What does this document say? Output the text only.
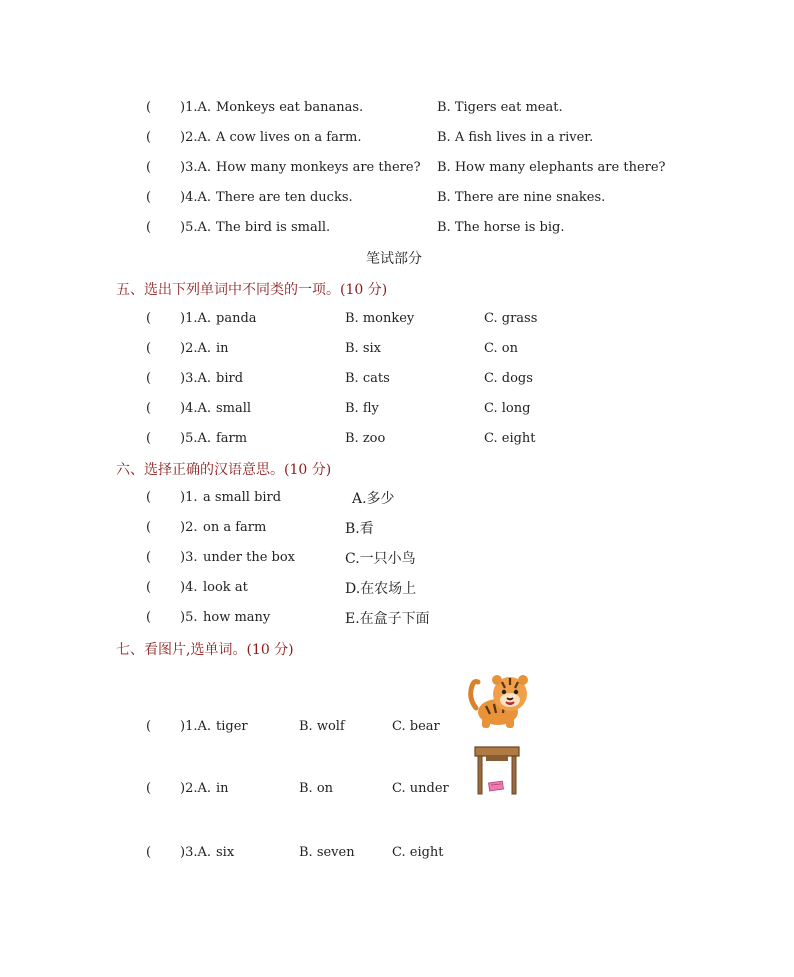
( )1.A. Monkeys eat bananas.	B. Tigers eat meat.
( )2.A. A cow lives on a farm.	B. A fish lives in a river.
( )3.A. How many monkeys are there? B. How many elephants are there?
( )4.A. There are ten ducks.	B. There are nine snakes.
( )5.A. The bird is small.	B. The horse is big.
笔试部分
五、选出下列单词中不同类的一项。(10 分)
( )1.A. panda	B. monkey	C. grass
( )2.A. in	B. six	C. on
( )3.A. bird	B. cats	C. dogs
( )4.A. small	B. fly	C. long
( )5.A. farm	B. zoo	C. eight
六、选择正确的汉语意思。(10 分)
( )1. a small bird	A.多少
( )2. on a farm	B.看
( )3. under the box	C.一只小鸟
( )4. look at	D.在农场上
( )5. how many	E.在盒子下面
七、看图片,选单词。(10 分)
( )1.A. tiger	B. wolf	C. bear
( )2.A. in	B. on	C. under
( )3.A. six	B. seven	C. eight
